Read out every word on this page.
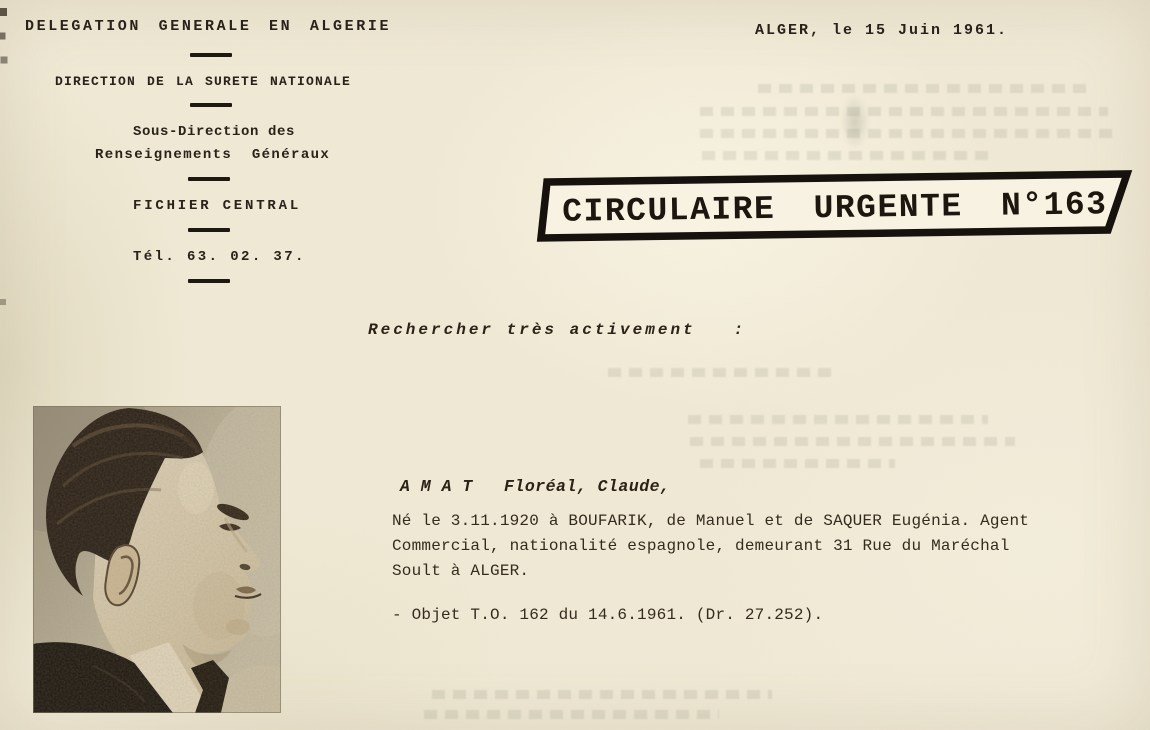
DELEGATION GENERALE EN ALGERIE
DIRECTION DE LA SURETE NATIONALE
Sous-Direction des
Renseignements  Généraux
FICHIER CENTRAL
Tél. 63. 02. 37.
ALGER, le 15 Juin 1961.
CIRCULAIRE URGENTE N°163
Rechercher très activement   :
A M A T   Floréal, Claude,
Né le 3.11.1920 à BOUFARIK, de Manuel et de SAQUER Eugénia. Agent
Commercial, nationalité espagnole, demeurant 31 Rue du Maréchal
Soult à ALGER.
- Objet T.O. 162 du 14.6.1961. (Dr. 27.252).
